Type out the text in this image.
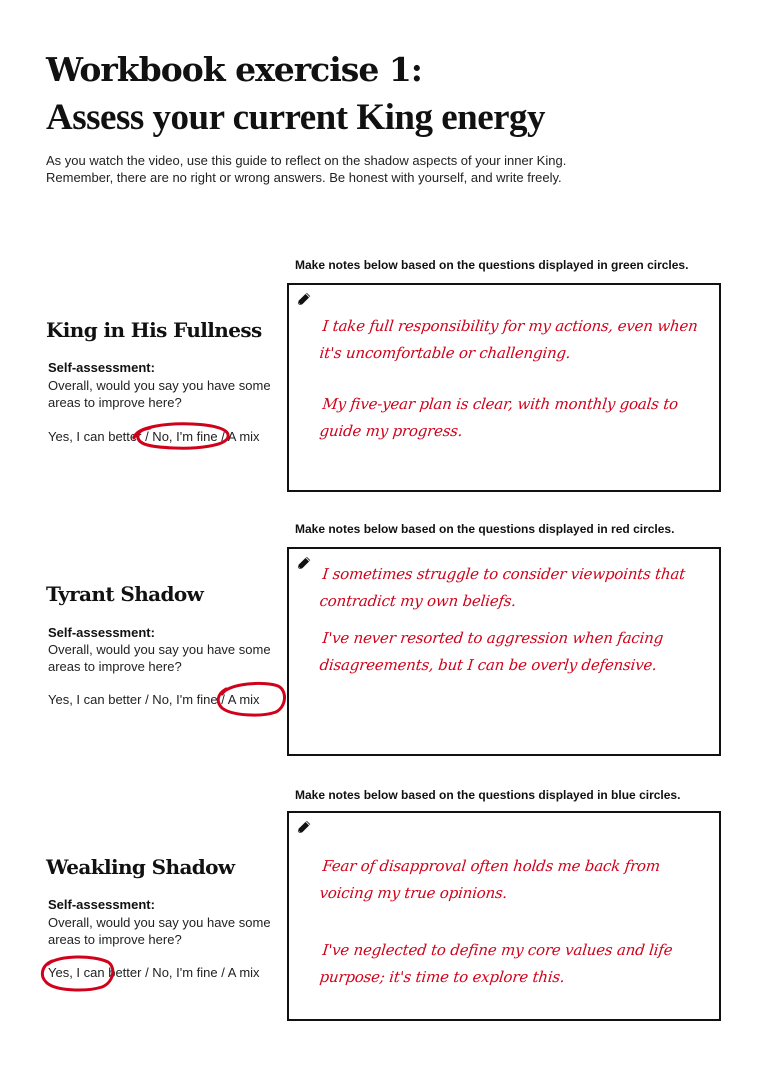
Workbook exercise 1:
Assess your current King energy
As you watch the video, use this guide to reflect on the shadow aspects of your inner King.
Remember, there are no right or wrong answers. Be honest with yourself, and write freely.
Make notes below based on the questions displayed in green circles.
King in His Fullness
Self-assessment:
Overall, would you say you have some areas to improve here?
Yes, I can better / No, I'm fine / A mix
I take full responsibility for my actions, even when it's uncomfortable or challenging.
My five-year plan is clear, with monthly goals to guide my progress.
Make notes below based on the questions displayed in red circles.
Tyrant Shadow
Self-assessment:
Overall, would you say you have some areas to improve here?
Yes, I can better / No, I'm fine / A mix
I sometimes struggle to consider viewpoints that contradict my own beliefs.
I've never resorted to aggression when facing disagreements, but I can be overly defensive.
Make notes below based on the questions displayed in blue circles.
Weakling Shadow
Self-assessment:
Overall, would you say you have some areas to improve here?
Yes, I can better / No, I'm fine / A mix
Fear of disapproval often holds me back from voicing my true opinions.
I've neglected to define my core values and life purpose; it's time to explore this.
